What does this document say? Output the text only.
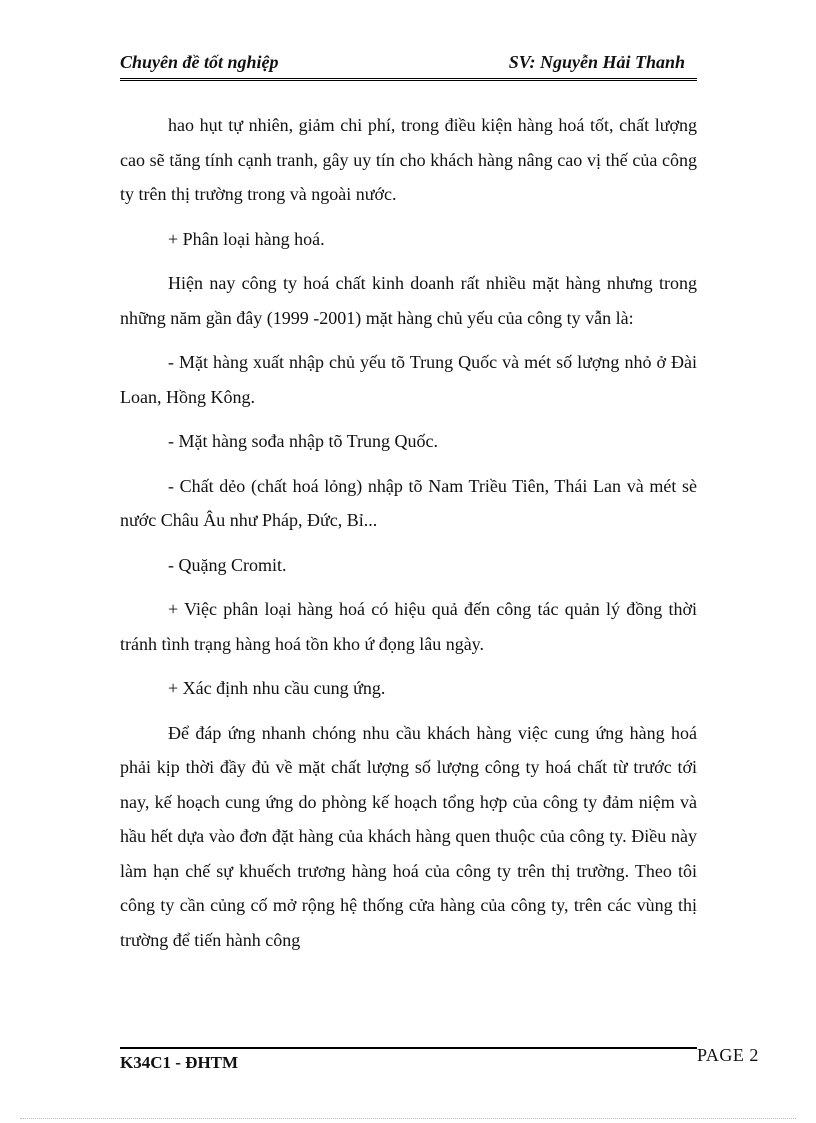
Chuyên đề tốt nghiệp	SV: Nguyễn Hải Thanh

hao hụt tự nhiên, giảm chi phí, trong điều kiện hàng hoá tốt, chất lượng cao sẽ tăng tính cạnh tranh, gây uy tín cho khách hàng nâng cao vị thế của công ty trên thị trường trong và ngoài nước.

+ Phân loại hàng hoá.

Hiện nay công ty hoá chất kinh doanh rất nhiều mặt hàng nhưng trong những năm gần đây (1999 -2001) mặt hàng chủ yếu của công ty vẫn là:

- Mặt hàng xuất nhập chủ yếu tõ Trung Quốc và mét số lượng nhỏ ở Đài Loan, Hồng Kông.

- Mặt hàng sođa nhập tõ Trung Quốc.

- Chất dẻo (chất hoá lỏng) nhập tõ Nam Triều Tiên, Thái Lan và mét sè nước Châu Âu như Pháp, Đức, Bỉ...

- Quặng Cromit.

+ Việc phân loại hàng hoá có hiệu quả đến công tác quản lý đồng thời tránh tình trạng hàng hoá tồn kho ứ đọng lâu ngày.

+ Xác định nhu cầu cung ứng.

Để đáp ứng nhanh chóng nhu cầu khách hàng việc cung ứng hàng hoá phải kịp thời đầy đủ về mặt chất lượng số lượng công ty hoá chất từ trước tới nay, kế hoạch cung ứng do phòng kế hoạch tổng hợp của công ty đảm niệm và hầu hết dựa vào đơn đặt hàng của khách hàng quen thuộc của công ty. Điều này làm hạn chế sự khuếch trương hàng hoá của công ty trên thị trường. Theo tôi công ty cần củng cố mở rộng hệ thống cửa hàng của công ty, trên các vùng thị trường để tiến hành công

K34C1 - ĐHTM	PAGE 2
